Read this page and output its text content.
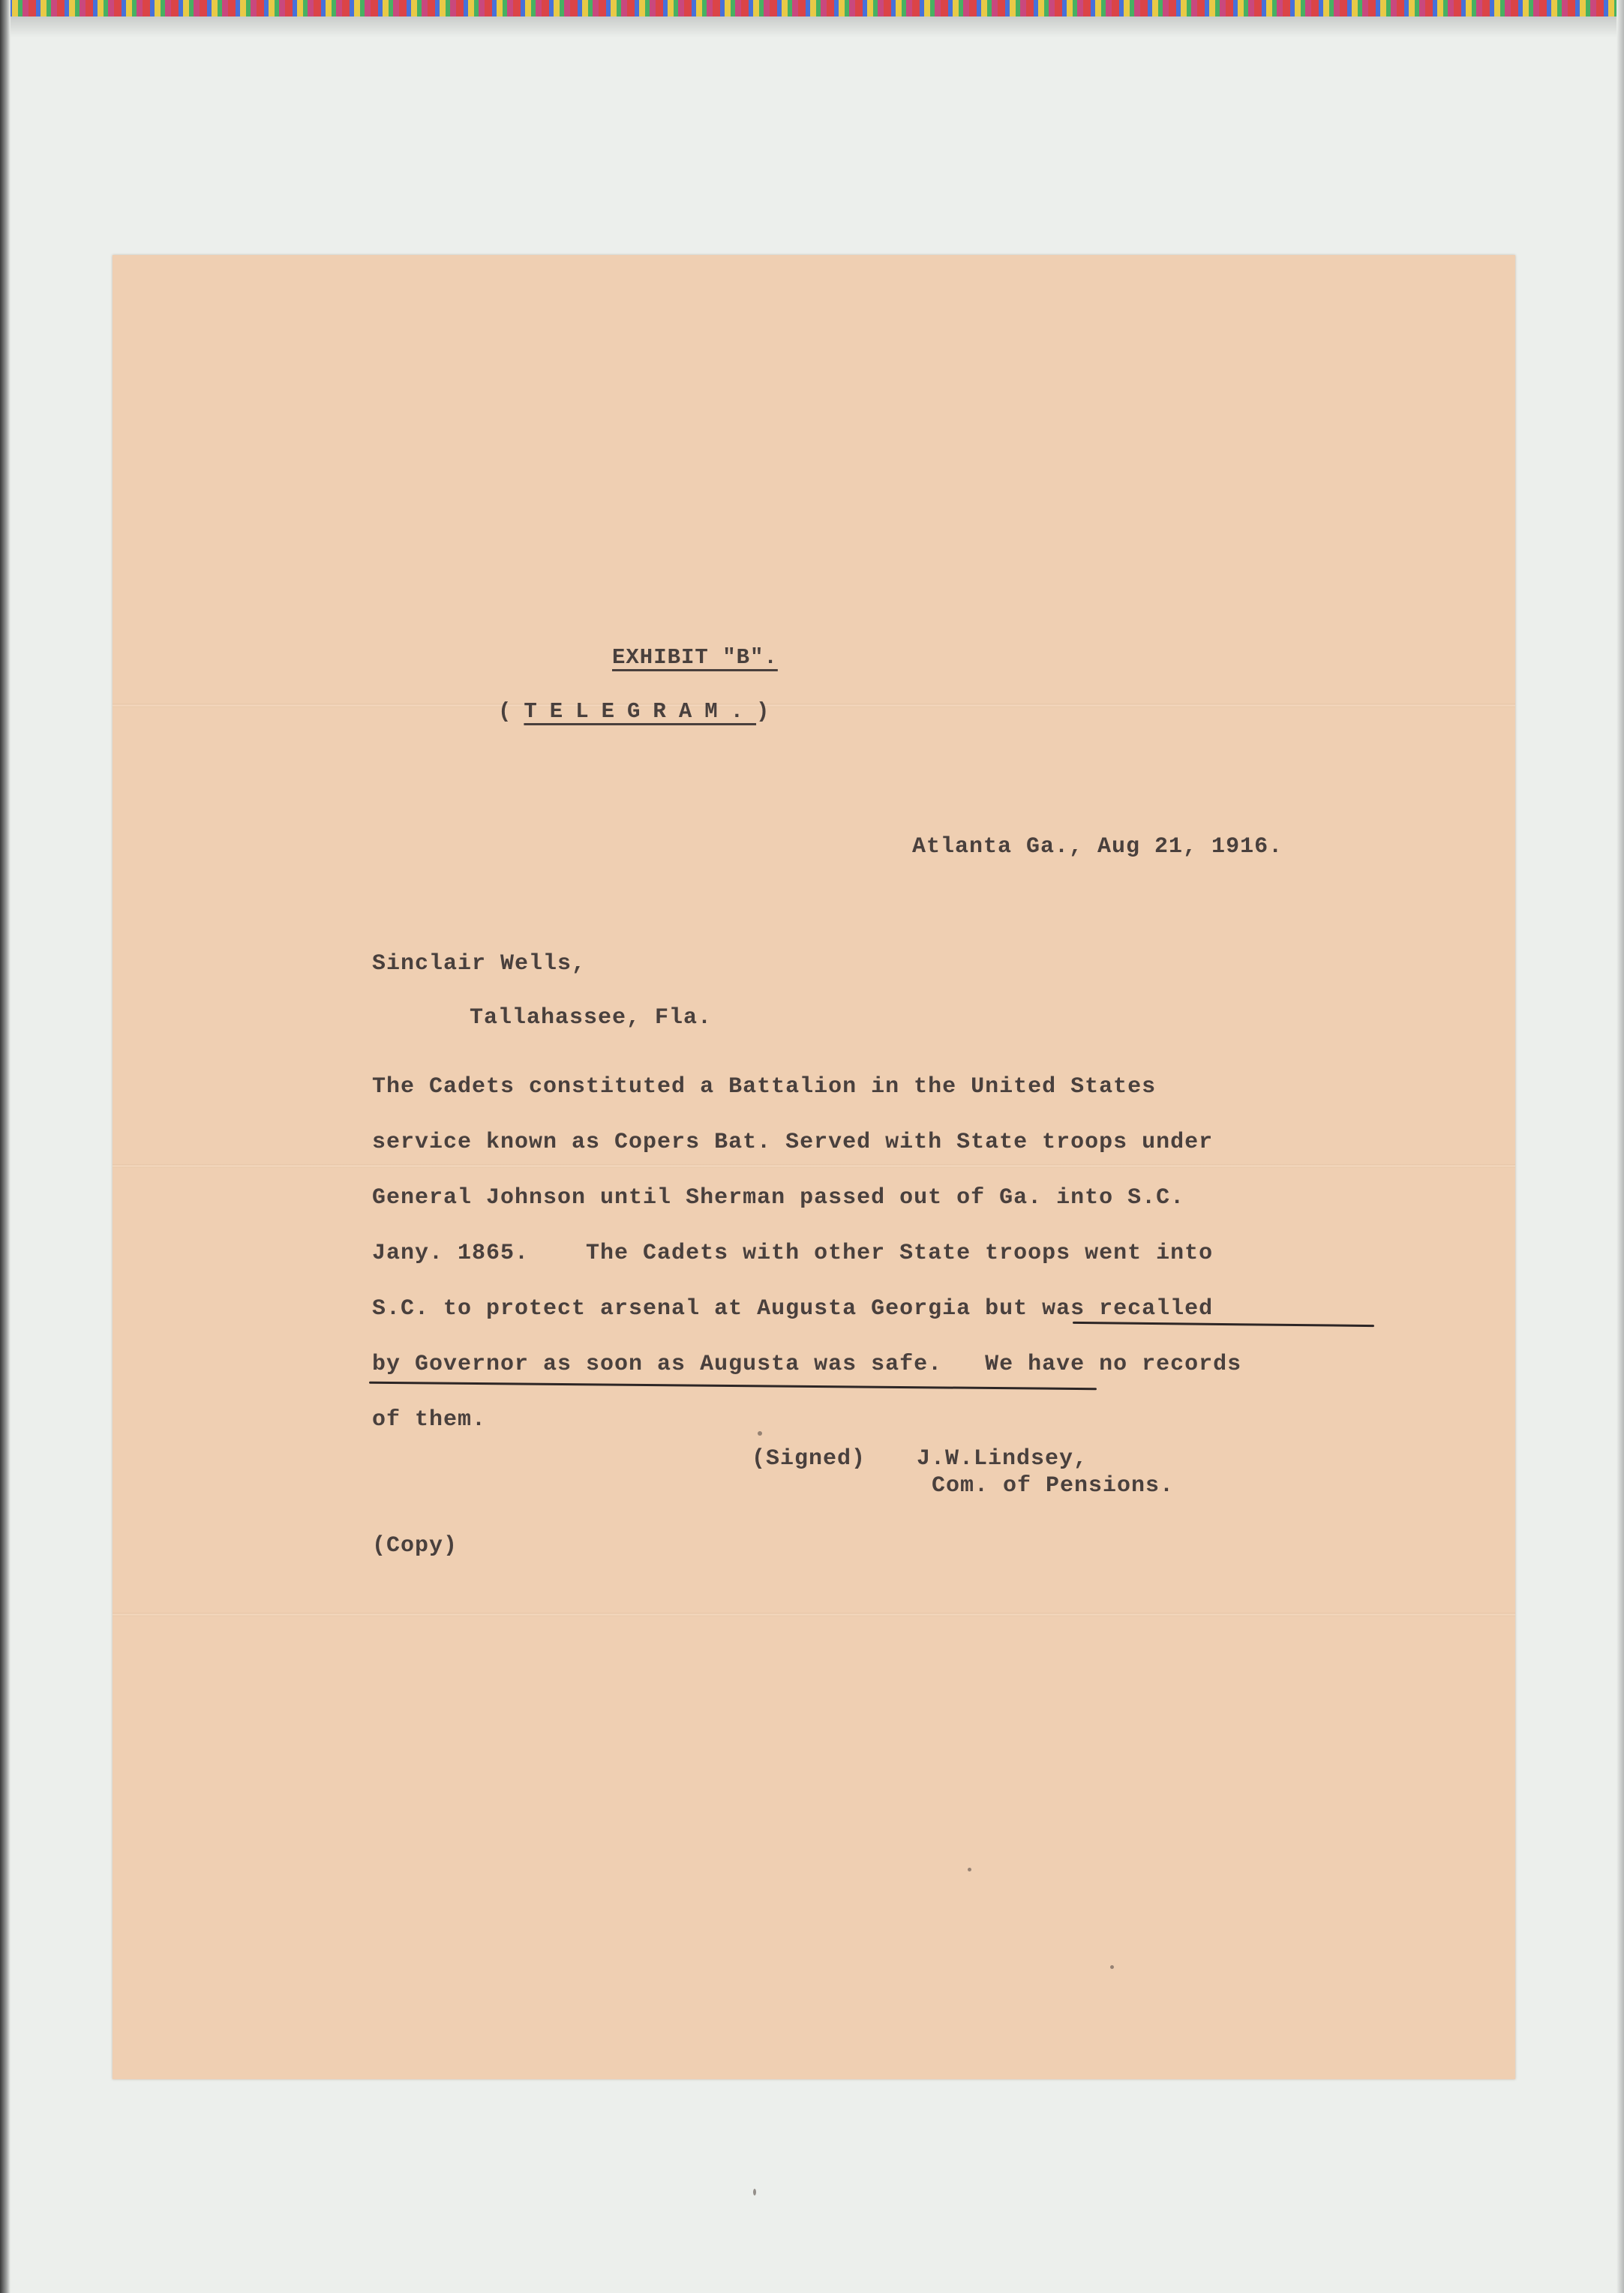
EXHIBIT "B".
(TELEGRAM.)
Atlanta Ga., Aug 21, 1916.
Sinclair Wells,
Tallahassee, Fla.
The Cadets constituted a Battalion in the United States
service known as Copers Bat. Served with State troops under
General Johnson until Sherman passed out of Ga. into S.C.
Jany. 1865.    The Cadets with other State troops went into
S.C. to protect arsenal at Augusta Georgia but was recalled
by Governor as soon as Augusta was safe.   We have no records
of them.
(Signed) J.W.Lindsey,
Com. of Pensions.
(Copy)
